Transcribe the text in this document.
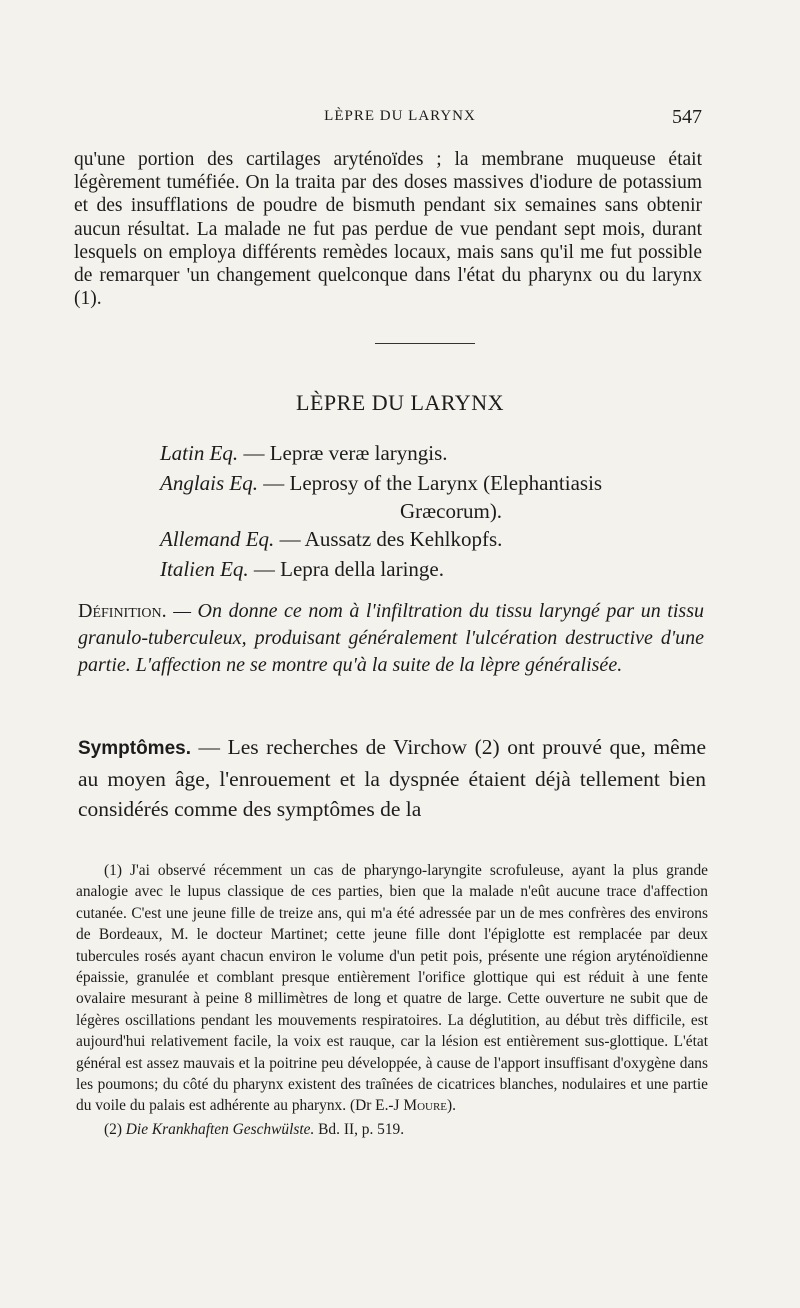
LÈPRE DU LARYNX	547
qu'une portion des cartilages aryténoïdes ; la membrane muqueuse était légèrement tuméfiée. On la traita par des doses massives d'iodure de potassium et des insufflations de poudre de bismuth pendant six semaines sans obtenir aucun résultat. La malade ne fut pas perdue de vue pendant sept mois, durant lesquels on employa différents remèdes locaux, mais sans qu'il me fut possible de remarquer 'un changement quelconque dans l'état du pharynx ou du larynx (1).
LÈPRE DU LARYNX
Latin Eq. — Lepræ veræ laryngis.
Anglais Eq. — Leprosy of the Larynx (Elephantiasis
Græcorum).
Allemand Eq. — Aussatz des Kehlkopfs.
Italien Eq. — Lepra della laringe.
Définition. — On donne ce nom à l'infiltration du tissu laryngé par un tissu granulo-tuberculeux, produisant généralement l'ulcération destructive d'une partie. L'affection ne se montre qu'à la suite de la lèpre généralisée.
Symptômes. — Les recherches de Virchow (2) ont prouvé que, même au moyen âge, l'enrouement et la dyspnée étaient déjà tellement bien considérés comme des symptômes de la

(1) J'ai observé récemment un cas de pharyngo-laryngite scrofuleuse, ayant la plus grande analogie avec le lupus classique de ces parties, bien que la malade n'eût aucune trace d'affection cutanée. C'est une jeune fille de treize ans, qui m'a été adressée par un de mes confrères des environs de Bordeaux, M. le docteur Martinet; cette jeune fille dont l'épiglotte est remplacée par deux tubercules rosés ayant chacun environ le volume d'un petit pois, présente une région aryténoïdienne épaissie, granulée et comblant presque entièrement l'orifice glottique qui est réduit à une fente ovalaire mesurant à peine 8 millimètres de long et quatre de large. Cette ouverture ne subit que de légères oscillations pendant les mouvements respiratoires. La déglutition, au début très difficile, est aujourd'hui relativement facile, la voix est rauque, car la lésion est entièrement sus-glottique. L'état général est assez mauvais et la poitrine peu développée, à cause de l'apport insuffisant d'oxygène dans les poumons; du côté du pharynx existent des traînées de cicatrices blanches, nodulaires et une partie du voile du palais est adhérente au pharynx. (Dr E.-J Moure).

(2) Die Krankhaften Geschwülste. Bd. II, p. 519.
